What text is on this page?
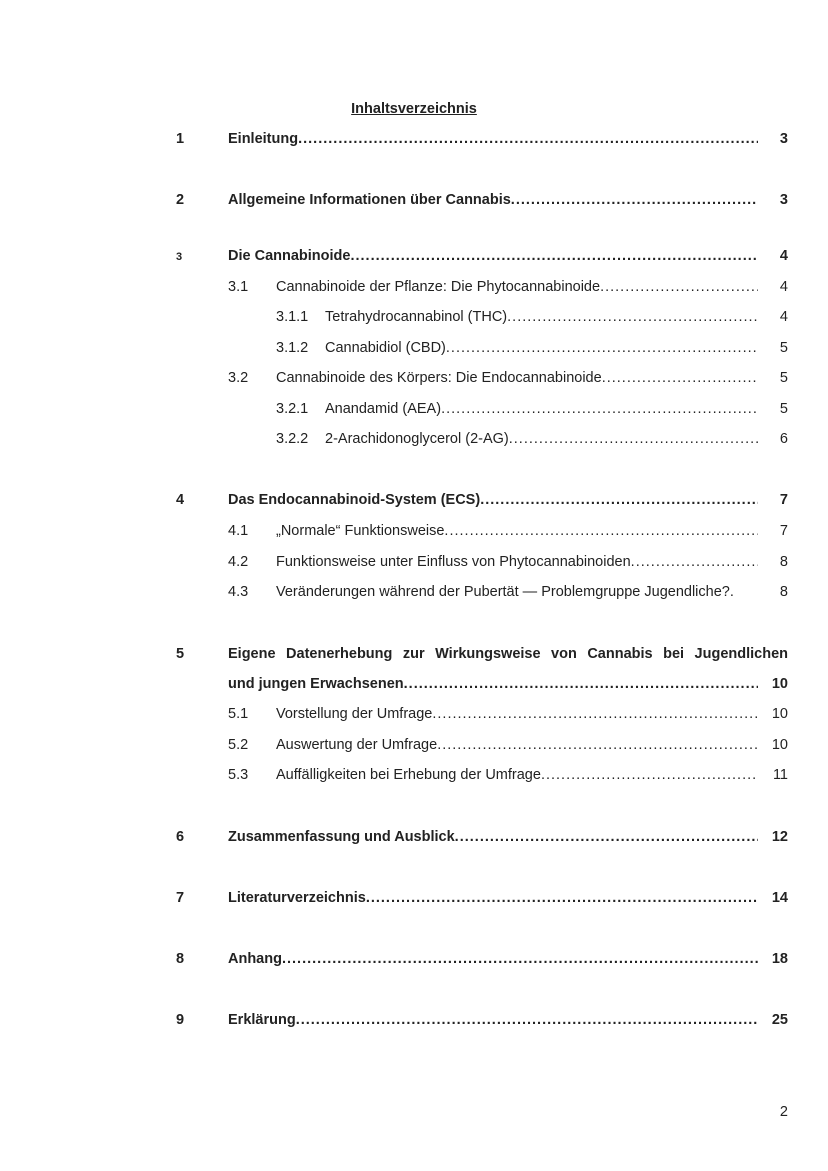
Inhaltsverzeichnis
1	Einleitung .....	3
2	Allgemeine Informationen über Cannabis .....	3
3	Die Cannabinoide .....	4
3.1 Cannabinoide der Pflanze: Die Phytocannabinoide .....	4
3.1.1 Tetrahydrocannabinol (THC) .....	4
3.1.2 Cannabidiol (CBD) .....	5
3.2 Cannabinoide des Körpers: Die Endocannabinoide .....	5
3.2.1 Anandamid (AEA) .....	5
3.2.2 2-Arachidonoglycerol (2-AG) .....	6
4	Das Endocannabinoid-System (ECS) .....	7
4.1 „Normale“ Funktionsweise .....	7
4.2 Funktionsweise unter Einfluss von Phytocannabinoiden .....	8
4.3 Veränderungen während der Pubertät — Problemgruppe Jugendliche?.	8
5	Eigene Datenerhebung zur Wirkungsweise von Cannabis bei Jugendlichen
und jungen Erwachsenen .....	10
5.1 Vorstellung der Umfrage .....	10
5.2 Auswertung der Umfrage .....	10
5.3 Auffälligkeiten bei Erhebung der Umfrage .....	11
6	Zusammenfassung und Ausblick .....	12
7	Literaturverzeichnis .....	14
8	Anhang .....	18
9	Erklärung .....	25
2
